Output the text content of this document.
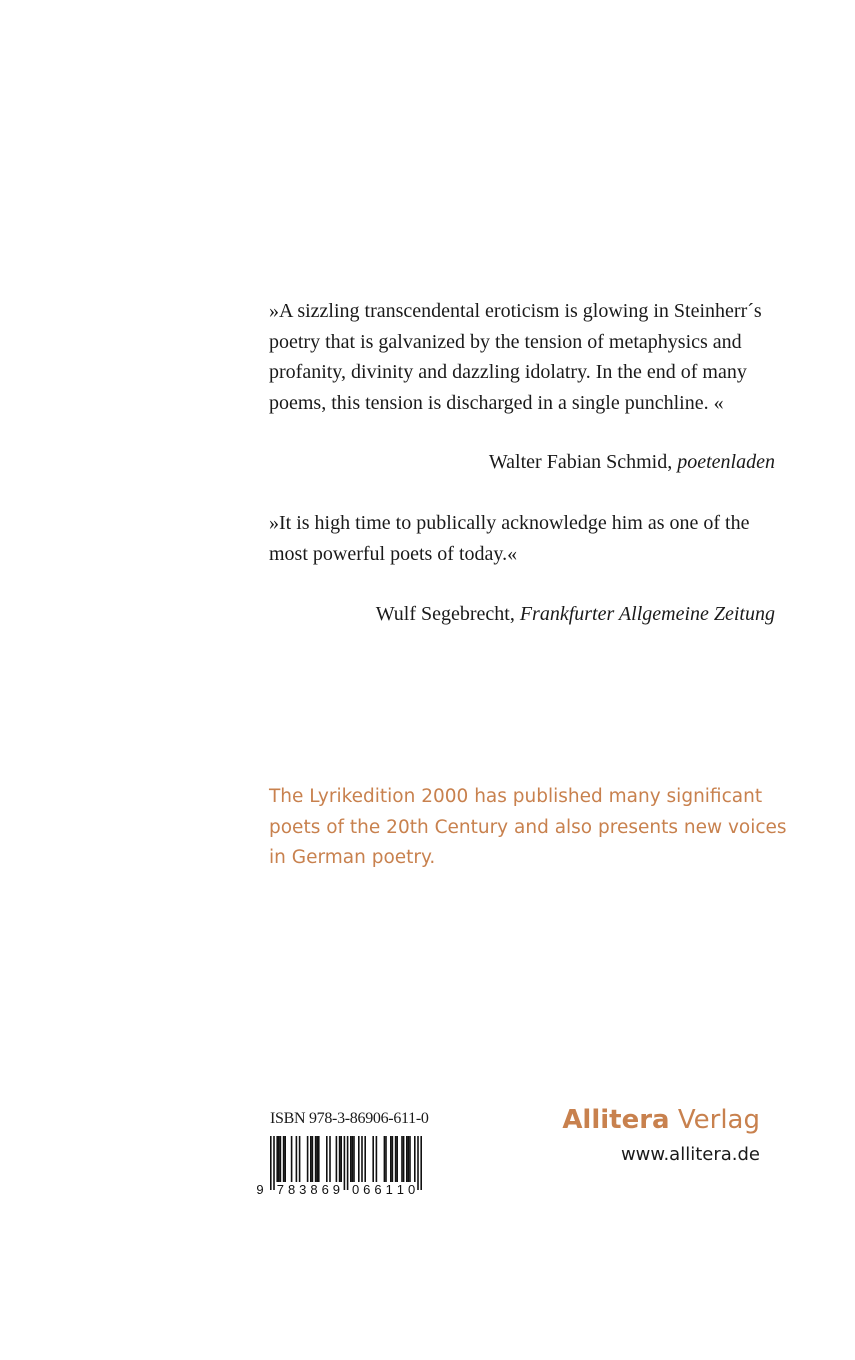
»A sizzling transcendental eroticism is glowing in Steinherr´s poetry that is galvanized by the tension of metaphysics and profanity, divinity and dazzling idolatry. In the end of many poems, this tension is discharged in a single punchline. «

Walter Fabian Schmid, poetenladen

»It is high time to publically acknowledge him as one of the most powerful poets of today.«

Wulf Segebrecht, Frankfurter Allgemeine Zeitung

The Lyrikedition 2000 has published many significant poets of the 20th Century and also presents new voices in German poetry.

ISBN 978-3-86906-611-0
9 7 8 3 8 6 9 0 6 6 1 1 0
Allitera Verlag
www.allitera.de
